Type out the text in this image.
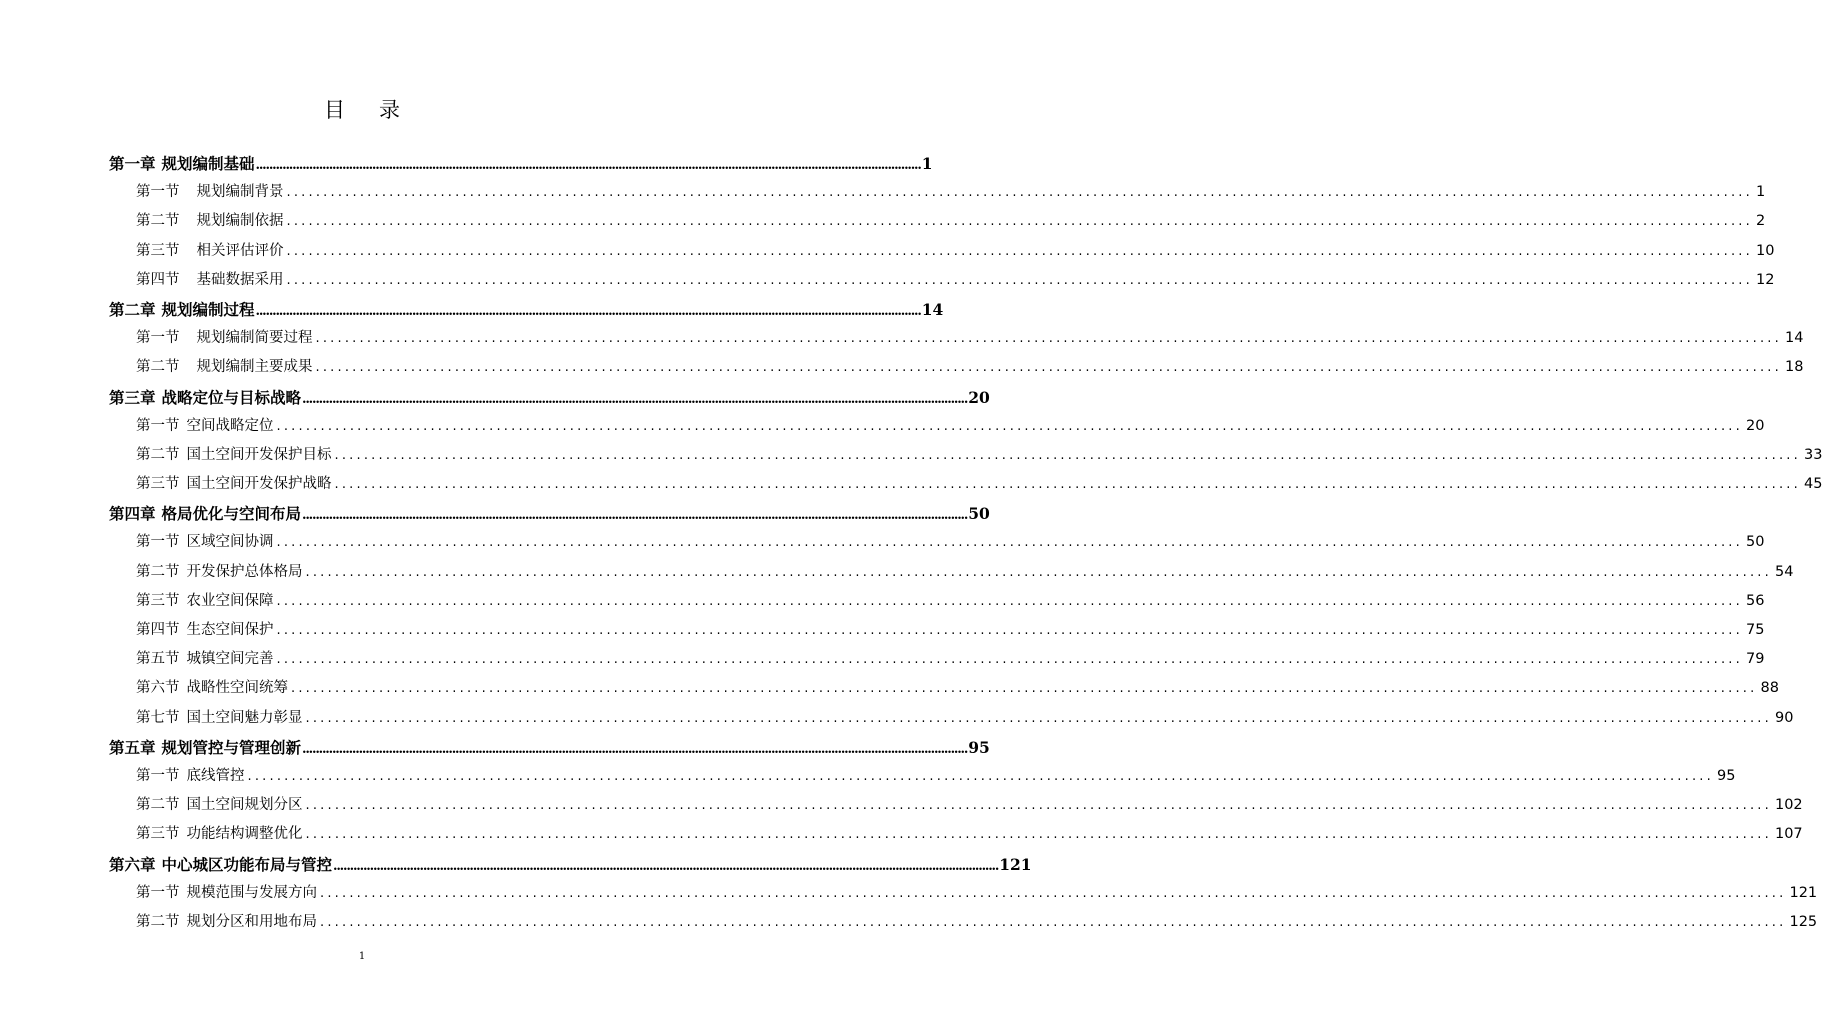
目录
第一章 规划编制基础 ........................................................................................................................................................................................................ 1
第一节 规划编制背景 ........................................................................................................................................................................................................ 1
第二节 规划编制依据 ........................................................................................................................................................................................................ 2
第三节 相关评估评价 ........................................................................................................................................................................................................ 10
第四节 基础数据采用 ........................................................................................................................................................................................................ 12
第二章 规划编制过程 ........................................................................................................................................................................................................ 14
第一节 规划编制简要过程 ........................................................................................................................................................................................................ 14
第二节 规划编制主要成果 ........................................................................................................................................................................................................ 18
第三章 战略定位与目标战略 ........................................................................................................................................................................................................ 20
第一节 空间战略定位 ........................................................................................................................................................................................................ 20
第二节 国土空间开发保护目标 ........................................................................................................................................................................................................ 33
第三节 国土空间开发保护战略 ........................................................................................................................................................................................................ 45
第四章 格局优化与空间布局 ........................................................................................................................................................................................................ 50
第一节 区域空间协调 ........................................................................................................................................................................................................ 50
第二节 开发保护总体格局 ........................................................................................................................................................................................................ 54
第三节 农业空间保障 ........................................................................................................................................................................................................ 56
第四节 生态空间保护 ........................................................................................................................................................................................................ 75
第五节 城镇空间完善 ........................................................................................................................................................................................................ 79
第六节 战略性空间统筹 ........................................................................................................................................................................................................ 88
第七节 国土空间魅力彰显 ........................................................................................................................................................................................................ 90
第五章 规划管控与管理创新 ........................................................................................................................................................................................................ 95
第一节 底线管控 ........................................................................................................................................................................................................ 95
第二节 国土空间规划分区 ........................................................................................................................................................................................................ 102
第三节 功能结构调整优化 ........................................................................................................................................................................................................ 107
第六章 中心城区功能布局与管控 ........................................................................................................................................................................................................ 121
第一节 规模范围与发展方向 ........................................................................................................................................................................................................ 121
第二节 规划分区和用地布局 ........................................................................................................................................................................................................ 125
1
